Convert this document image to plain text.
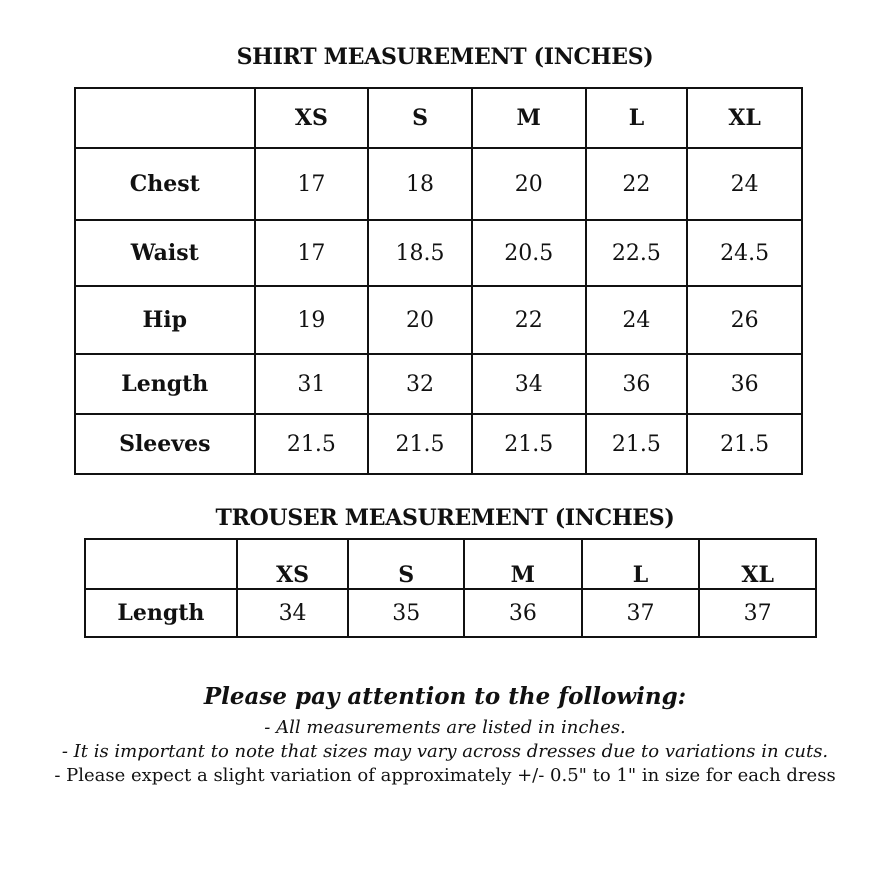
SHIRT MEASUREMENT (INCHES)
	XS	S	M	L	XL
Chest	17	18	20	22	24
Waist	17	18.5	20.5	22.5	24.5
Hip	19	20	22	24	26
Length	31	32	34	36	36
Sleeves	21.5	21.5	21.5	21.5	21.5
TROUSER MEASUREMENT (INCHES)
	XS	S	M	L	XL
Length	34	35	36	37	37
Please pay attention to the following:
- All measurements are listed in inches.
- It is important to note that sizes may vary across dresses due to variations in cuts.
- Please expect a slight variation of approximately +/- 0.5" to 1" in size for each dress
